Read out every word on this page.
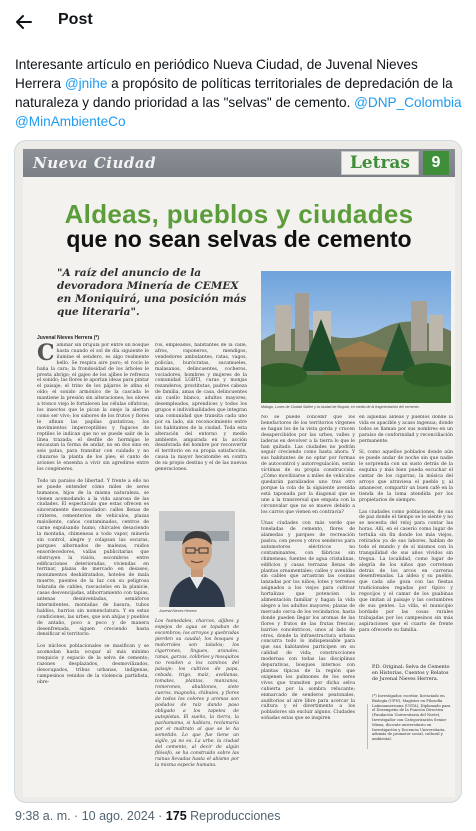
Post
Interesante artículo en periódico Nueva Ciudad, de Juvenal Nieves Herrera @jnihe a propósito de políticas territoriales de depredación de la naturaleza y dando prioridad a las "selvas" de cemento. @DNP_Colombia @MinAmbienteCo
Nueva Ciudad	Letras	9
Aldeas, pueblos y ciudades
que no sean selvas de cemento
"A raíz del anuncio de la devoradora Minería de CEMEX en Moniquirá, una posición más que literaria".
Juvenal Nieves Herrera (*)
Caminar sin brújula por entre un bosque hasta cuando el sol de día siguiente le ilumine el sendero, es algo realmente bello. Se respira aire puro; el rocío le baña la cara; la frondosidad de los árboles le presta abrigo; el gajeo de los ajíbes le refresca el sonido; las flores le aportan ideas para pintar el paisaje; el trino de los pájaros le afina el oído; el sonido armónico de la cascada le mantiene la presión sin alteraciones; los olores a tronco viejo le fortalecen las células olfativas; los insectos que le pican la onejo la alertan como ser vivo; los sabores de los frutos y flores le afinan las papilas gustativas; los movimientos imperceptibles y fugaces de reptiles le indican que no se puede salir de la línea trazada; el desfile de hormigas le encauzan la forma de andar, no en dos sino en seis patas, para transitar con cuidado y no chuzarse la planta de los pies; el canto de aviones le ensenha a vivir sin agredirse entre los congéneres.

Todo un paraíso de libertad. Y frente a ello no se puede entender cómo miles de seres humanos, hijos de la misma naturaleza, se vienen acomodando a la vida azarosa de las ciudades. El espectáculo que estas ofrecen es sinceramente desconsolador: calles llenas de cráteres, cementerios de vehículos, plazas maloliente, caños contaminados, centros de carne expulsando humo, chircales desaciendo la montaña, chimeneas a todo vapor, minería sin control, alegre y colapsan las oscuras, parques albornados de malezas, ruidos ensordecedores, vallas publicitarias que obstruyen la visión, escombros entre edificaciones deterioradas, viviendas en terrinar, plazas de mercado en desaseo, monumentos deshidratados, hoteles de mala muerte, puentes de la luz con su peligrosa telaraña de cables, rascacielos en la planicie, casas desvencijadas, atiborramiento con tapias, antenas desnivenladas, semáforos intermitentes, montañas de basura, tubos baldíos, barrios sin nomenclatura. Y en estas condiciones, las urbes, que son ahijas y pueblos de antaño, poco a poco y de manera desenfrenada, siguen creciendo hasta densificar el territorio.

Los núcleos poblacionales se masifican y se acomodan hasta ocupar al más mínimo resquicio y espacio de la selva de cemento; razones desplazados, desmovilizados, desocupados, tribus urbanas, indígenas, campesinos venidos de la violencia partidista, obre-
ros, empleados, habitantes de la calle, afros, raponeros, mendigos, vendedores ambulantes, ratas, vagos, policías, burócratas, sacamueles, malasanos, delincuentes, cocheros, vociadores, hombres y mujeres de la comunidad LGBTI, curas y monjas rezanderos, prostitutas, padres cabeza de familia, amas de casa, delincuentes sin cuello blanco, adultos mayores, desempleados, aprendices y todos los grupos e individualidades que integran una comunidad que transita cada uno por su lado, sin reconocimiento entre los habitantes de la ciudad. Toda esta alteración del entorno y medio ambiente, amparada en la acción desaforada del hombre por reconvertir el territorio en su propia satisfacción, causa la mayor hecatombe en contra de su propio destino y el de las nuevas generaciones.
Málaga, Lunes de Ciudad Salitre y la ciudad de Bogotá, en medio de la fragmentación del cemento.
No se puede concebir que los benefactores de los territorios vírgenes se hagan los de la vista gorda y crucen desapercibidos por las urbes, valles y laderas en devolver a la tierra lo que le han quitado. Las ciudades no podrán seguir creciendo como hasta ahora. Y sus habitantes de no optar por formas de autocontrol y autorregulación, serán víctimas de su propia construcción. ¿Cómo movilizarse a miles de vehículos quedarán paralizados uno tras otro porque la cola de la siguiente avenida está taponada por la diagonal que se une a la transversal que empata con la circunvalar que no se mueve debido a los carros que vienen en contravía?

Unas ciudades con más verde que toneladas de cemento, flores de alamedas y parques de recreación pasiva, con peces y otros senderos para automotores eléctricos no contaminantes, con fábricas sin chimeneas, fuentes de agua cristalinas, edificios y casas terrazas llenas de plantas ornamentales; calles y avenidas sin cables que arrastran las cosmas lanzadas por los niños; lotes y terrenos asignados a los viejos para cultivar hortalizas que potencien la alimentación familiar y hagan la vida alegre a los adultos mayores; plazas de mercado cerca de los vecindarios, hasta donde pueden llegar los aromas de las flores y frutos de las frutas frescas; barrios concéntricos, unos al lado de otros, donde la infraestructura urbana concurra todo lo indispensable para que sus habitantes participen en su calidad de vida; construcciones modernas con todas las disciplinas depurativas, bosques internos con plantas típicas de la región que oxigenen los pulmones de los seres vivos que transiten por dicha selva cubierta por la sombra relucante; enmarcado de senderos peatonales, auditorios al aire libre para acercar la cultura y el divertimento a los pobladores sin excluir alguno. Ciudades soñadas estas que se inspiren
en aquellas aldeas y pueblos donde la vida es apacible y acaso ingenua; donde todos se llaman por sus nombres en un paraíso de conformidad y reconciliación permanente.

Sí, como aquellos poblados donde aún se puede andar de noche sin que nadie le sorprenda con un susto detrás de la esquina y más bien pueda escuchar el cantar de los cigarras, la música del arroyo que atraviesa el pueblo y, al amanecer, compartir un buen café en la tienda de la loma atendida por los propietarios de siempre.

Las ciudades como poblaciones, de sus de paz donde el tiempo se le siente y no se necesita del reloj para contar las horas. Allí, en el caserío como lugar de tertulia sin fin donde los más viejos, retirados ya de sus labores, hablan de todo el mundo y de sí mismos con la tranquilidad de sus años vividos sin tregua. La localidad, como lugar de alegría de los niños que corretean detrás de los arcos en carreras desenfrenadas. La aldea y su pueblo, que cada año goza con las fiestas tradicionales regadas por típico y regocijos y el camar de los guabinas que imitan al paisaje y las costumbres de sus gentes. La villa, el municipio bordado por las cosas rurales trabajadas por los campesinos sin más aspiraciones que el cuarto de frente para ofrecerle su familia.
Juvenal Nieves Herrera
Los humedales, charcos, aljibes y espejos de agua se tapaban de escombros; los arroyos y quebradas pierden su caudal; los bosques y matorrales son talados; los cigarrones, lingues, aranales, ranas, garzas, colibríes y mosquitos no residen a los caminos del paisaje; los cultivos de papa, cebada, trigo, maíz, avellanas, tomates, plantas, manzanos, romerones, abulitones, siete cueros, magnolia, chibutes, y flores de todos los colores y aromas son podados de raíz dando paso obligado a los tapetes de autopistas. El sueño, la tierra, la pachamama, si hablara, reclamaría por el maltrato al que se le ha sometido. Lo que fue tiene un sigilo, ya no es. La urbe, la ciudad del cemento, al decir de algún filósofo, se ha construido sobre las ruinas llevadas hasta el abismo por la misma especie humana.
P.D. Original: Selva de Cemento en Historias, Cuentos y Relatos de Juvenal Nieves Herrera.
(*) Investigador, escritor, licenciado en Biología (UPN), Magíster en Filosofía Latinoamericana (USTA), Diplomado para el Desempeño de la Función Directiva (Fundación Universitaria del Norte), Investigador con Categorización Senior Miexa, docente universitario en Investigación y Docencia Universitaria, además de promotor social, cultural y ambiental.
9:38 a. m. · 10 ago. 2024 · 175 Reproducciones
